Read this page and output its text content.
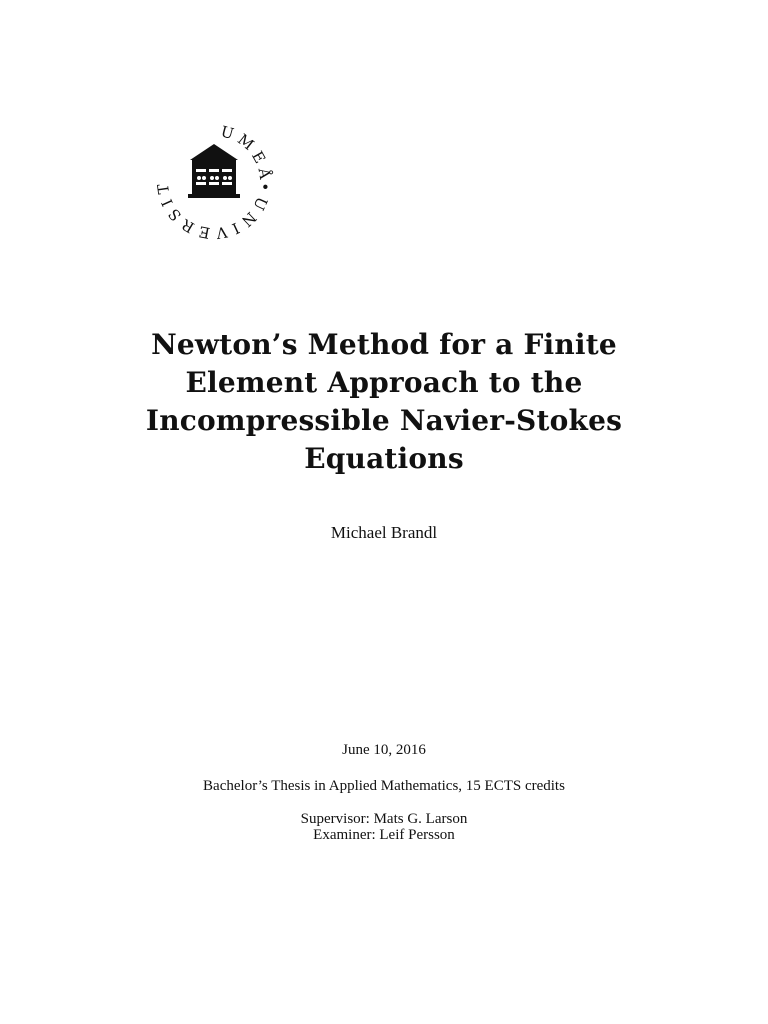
U M E Å
• U N I V E R S I T
Newton’s Method for a Finite
Element Approach to the
Incompressible Navier-Stokes
Equations
Michael Brandl
June 10, 2016
Bachelor’s Thesis in Applied Mathematics, 15 ECTS credits
Supervisor: Mats G. Larson
Examiner: Leif Persson
